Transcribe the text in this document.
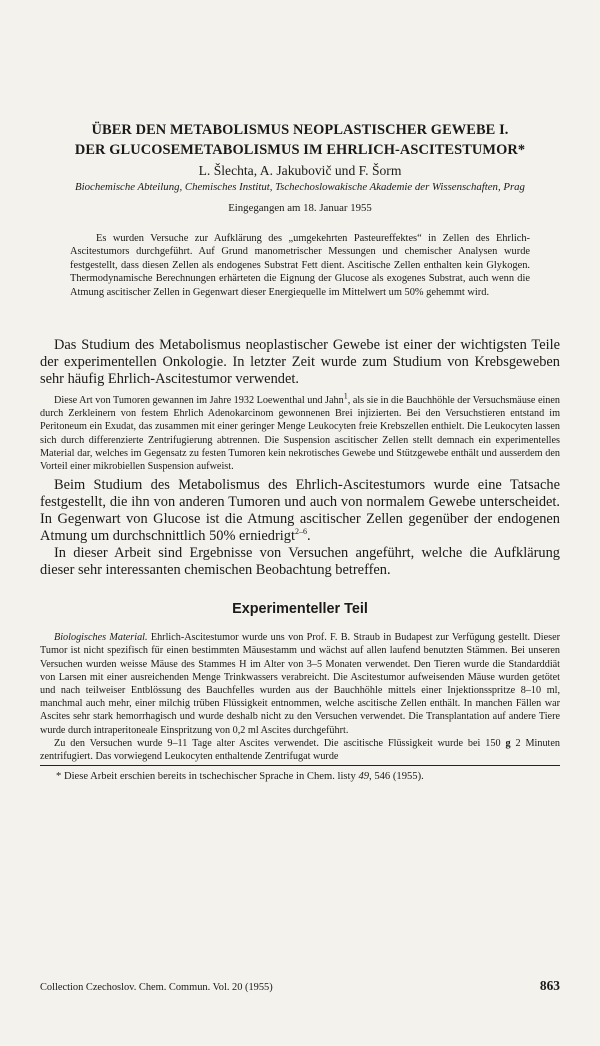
ÜBER DEN METABOLISMUS NEOPLASTISCHER GEWEBE I.
DER GLUCOSEMETABOLISMUS IM EHRLICH-ASCITESTUMOR*
L. Šlechta, A. Jakubovič und F. Šorm
Biochemische Abteilung, Chemisches Institut, Tschechoslowakische Akademie der Wissenschaften, Prag
Eingegangen am 18. Januar 1955

Es wurden Versuche zur Aufklärung des „umgekehrten Pasteureffektes“ in Zellen des Ehrlich-Ascitestumors durchgeführt. Auf Grund manometrischer Messungen und chemischer Analysen wurde festgestellt, dass diesen Zellen als endogenes Substrat Fett dient. Ascitische Zellen enthalten kein Glykogen. Thermodynamische Berechnungen erhärteten die Eignung der Glucose als exogenes Substrat, auch wenn die Atmung ascitischer Zellen in Gegenwart dieser Energiequelle im Mittelwert um 50% gehemmt wird.

Das Studium des Metabolismus neoplastischer Gewebe ist einer der wichtigsten Teile der experimentellen Onkologie. In letzter Zeit wurde zum Studium von Krebsgeweben sehr häufig Ehrlich-Ascitestumor verwendet.

Diese Art von Tumoren gewannen im Jahre 1932 Loewenthal und Jahn$^1$, als sie in die Bauchhöhle der Versuchsmäuse einen durch Zerkleinern von festem Ehrlich Adenokarcinom gewonnenen Brei injizierten. Bei den Versuchstieren entstand im Peritoneum ein Exudat, das zusammen mit einer geringer Menge Leukocyten freie Krebszellen enthielt. Die Leukocyten lassen sich durch differenzierte Zentrifugierung abtrennen. Die Suspension ascitischer Zellen stellt demnach ein experimentelles Material dar, welches im Gegensatz zu festen Tumoren kein nekrotisches Gewebe und Stützgewebe enthält und ausserdem den Vorteil einer mikrobiellen Suspension aufweist.

Beim Studium des Metabolismus des Ehrlich-Ascitestumors wurde eine Tatsache festgestellt, die ihn von anderen Tumoren und auch von normalem Gewebe unterscheidet. In Gegenwart von Glucose ist die Atmung ascitischer Zellen gegenüber der endogenen Atmung um durchschnittlich 50% erniedrigt$^{2-6}$.

In dieser Arbeit sind Ergebnisse von Versuchen angeführt, welche die Aufklärung dieser sehr interessanten chemischen Beobachtung betreffen.

Experimenteller Teil

Biologisches Material. Ehrlich-Ascitestumor wurde uns von Prof. F. B. Straub in Budapest zur Verfügung gestellt. Dieser Tumor ist nicht spezifisch für einen bestimmten Mäusestamm und wächst auf allen laufend benutzten Stämmen. Bei unseren Versuchen wurden weisse Mäuse des Stammes H im Alter von 3–5 Monaten verwendet. Den Tieren wurde die Standarddiät von Larsen mit einer ausreichenden Menge Trinkwassers verabreicht. Die Ascitestumor aufweisenden Mäuse wurden getötet und nach teilweiser Entblössung des Bauchfelles wurden aus der Bauchhöhle mittels einer Injektionsspritze 8–10 ml, manchmal auch mehr, einer milchig trüben Flüssigkeit entnommen, welche ascitische Zellen enthält. In manchen Fällen war Ascites sehr stark hemorrhagisch und wurde deshalb nicht zu den Versuchen verwendet. Die Transplantation auf andere Tiere wurde durch intraperitoneale Einspritzung von 0,2 ml Ascites durchgeführt.

Zu den Versuchen wurde 9–11 Tage alter Ascites verwendet. Die ascitische Flüssigkeit wurde bei 150 g 2 Minuten zentrifugiert. Das vorwiegend Leukocyten enthaltende Zentrifugat wurde

* Diese Arbeit erschien bereits in tschechischer Sprache in Chem. listy 49, 546 (1955).
Collection Czechoslov. Chem. Commun. Vol. 20 (1955)	863
